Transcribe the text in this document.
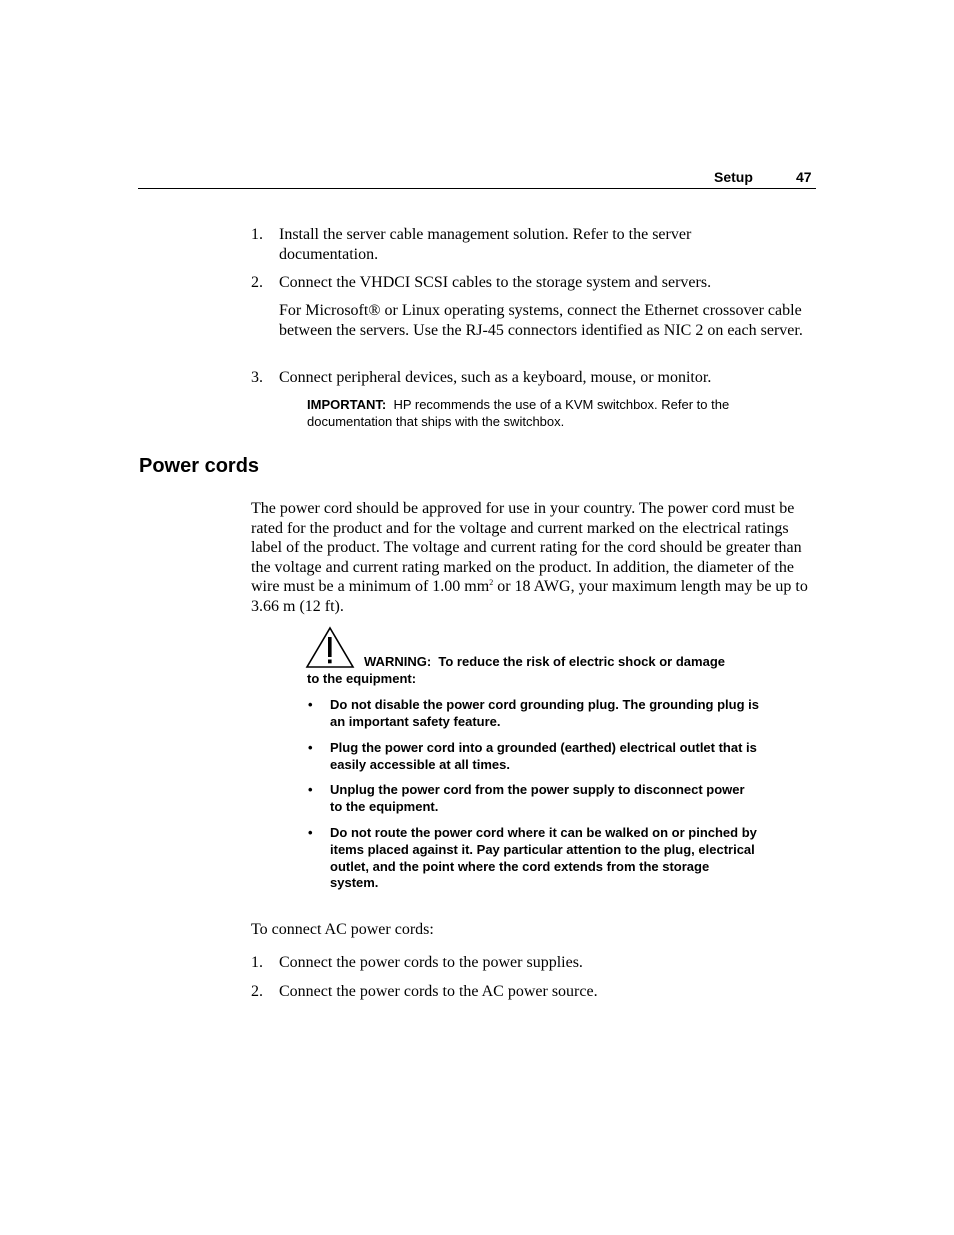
Setup	47
1. Install the server cable management solution. Refer to the server documentation.
2. Connect the VHDCI SCSI cables to the storage system and servers.
For Microsoft® or Linux operating systems, connect the Ethernet crossover cable between the servers. Use the RJ-45 connectors identified as NIC 2 on each server.
3. Connect peripheral devices, such as a keyboard, mouse, or monitor.
IMPORTANT: HP recommends the use of a KVM switchbox. Refer to the documentation that ships with the switchbox.
Power cords
The power cord should be approved for use in your country. The power cord must be rated for the product and for the voltage and current marked on the electrical ratings label of the product. The voltage and current rating for the cord should be greater than the voltage and current rating marked on the product. In addition, the diameter of the wire must be a minimum of 1.00 $mm^2$ or 18 AWG, your maximum length may be up to 3.66 m (12 ft).
WARNING: To reduce the risk of electric shock or damage
to the equipment:
• Do not disable the power cord grounding plug. The grounding plug is an important safety feature.
• Plug the power cord into a grounded (earthed) electrical outlet that is easily accessible at all times.
• Unplug the power cord from the power supply to disconnect power to the equipment.
• Do not route the power cord where it can be walked on or pinched by items placed against it. Pay particular attention to the plug, electrical outlet, and the point where the cord extends from the storage system.
To connect AC power cords:
1. Connect the power cords to the power supplies.
2. Connect the power cords to the AC power source.
